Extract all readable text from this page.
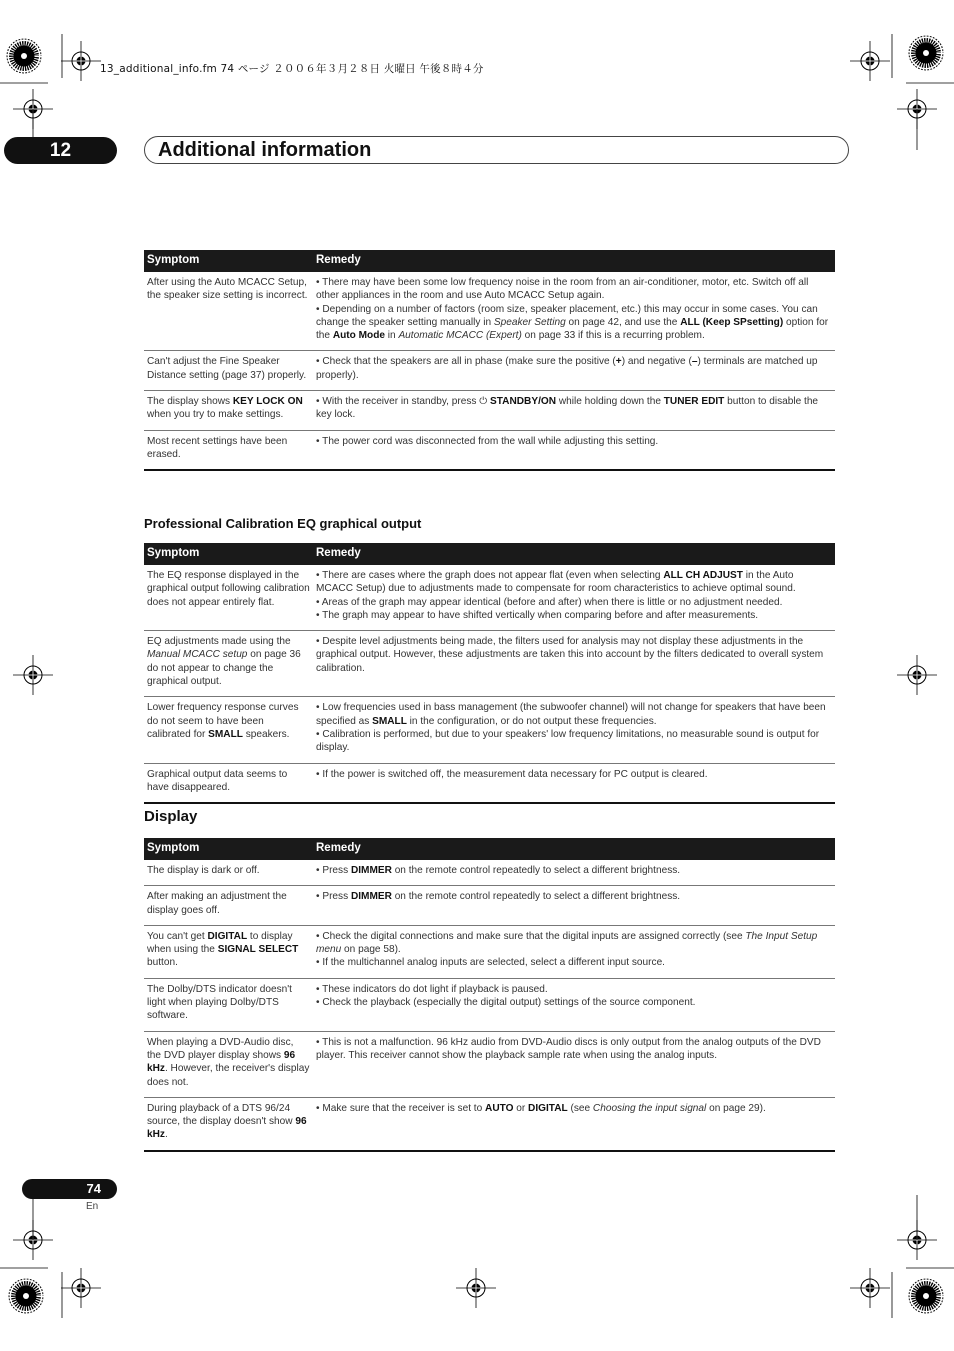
13_additional_info.fm 74 ページ ２００６年３月２８日 火曜日 午後８時４分
12	Additional information
Symptom	Remedy
After using the Auto MCACC Setup, the speaker size setting is incorrect.	• There may have been some low frequency noise in the room from an air-conditioner, motor, etc. Switch off all other appliances in the room and use Auto MCACC Setup again.
• Depending on a number of factors (room size, speaker placement, etc.) this may occur in some cases. You can change the speaker setting manually in Speaker Setting on page 42, and use the ALL (Keep SPsetting) option for the Auto Mode in Automatic MCACC (Expert) on page 33 if this is a recurring problem.
Can't adjust the Fine Speaker Distance setting (page 37) properly.	• Check that the speakers are all in phase (make sure the positive (+) and negative (–) terminals are matched up properly).
The display shows KEY LOCK ON when you try to make settings.	• With the receiver in standby, press ⏻ STANDBY/ON while holding down the TUNER EDIT button to disable the key lock.
Most recent settings have been erased.	• The power cord was disconnected from the wall while adjusting this setting.
Professional Calibration EQ graphical output
Symptom	Remedy
The EQ response displayed in the graphical output following calibration does not appear entirely flat.	• There are cases where the graph does not appear flat (even when selecting ALL CH ADJUST in the Auto MCACC Setup) due to adjustments made to compensate for room characteristics to achieve optimal sound.
• Areas of the graph may appear identical (before and after) when there is little or no adjustment needed.
• The graph may appear to have shifted vertically when comparing before and after measurements.
EQ adjustments made using the Manual MCACC setup on page 36 do not appear to change the graphical output.	• Despite level adjustments being made, the filters used for analysis may not display these adjustments in the graphical output. However, these adjustments are taken this into account by the filters dedicated to overall system calibration.
Lower frequency response curves do not seem to have been calibrated for SMALL speakers.	• Low frequencies used in bass management (the subwoofer channel) will not change for speakers that have been specified as SMALL in the configuration, or do not output these frequencies.
• Calibration is performed, but due to your speakers' low frequency limitations, no measurable sound is output for display.
Graphical output data seems to have disappeared.	• If the power is switched off, the measurement data necessary for PC output is cleared.
Display
Symptom	Remedy
The display is dark or off.	• Press DIMMER on the remote control repeatedly to select a different brightness.
After making an adjustment the display goes off.	• Press DIMMER on the remote control repeatedly to select a different brightness.
You can't get DIGITAL to display when using the SIGNAL SELECT button.	• Check the digital connections and make sure that the digital inputs are assigned correctly (see The Input Setup menu on page 58).
• If the multichannel analog inputs are selected, select a different input source.
The Dolby/DTS indicator doesn't light when playing Dolby/DTS software.	• These indicators do dot light if playback is paused.
• Check the playback (especially the digital output) settings of the source component.
When playing a DVD-Audio disc, the DVD player display shows 96 kHz. However, the receiver's display does not.	• This is not a malfunction. 96 kHz audio from DVD-Audio discs is only output from the analog outputs of the DVD player. This receiver cannot show the playback sample rate when using the analog inputs.
During playback of a DTS 96/24 source, the display doesn't show 96 kHz.	• Make sure that the receiver is set to AUTO or DIGITAL (see Choosing the input signal on page 29).
74
En
